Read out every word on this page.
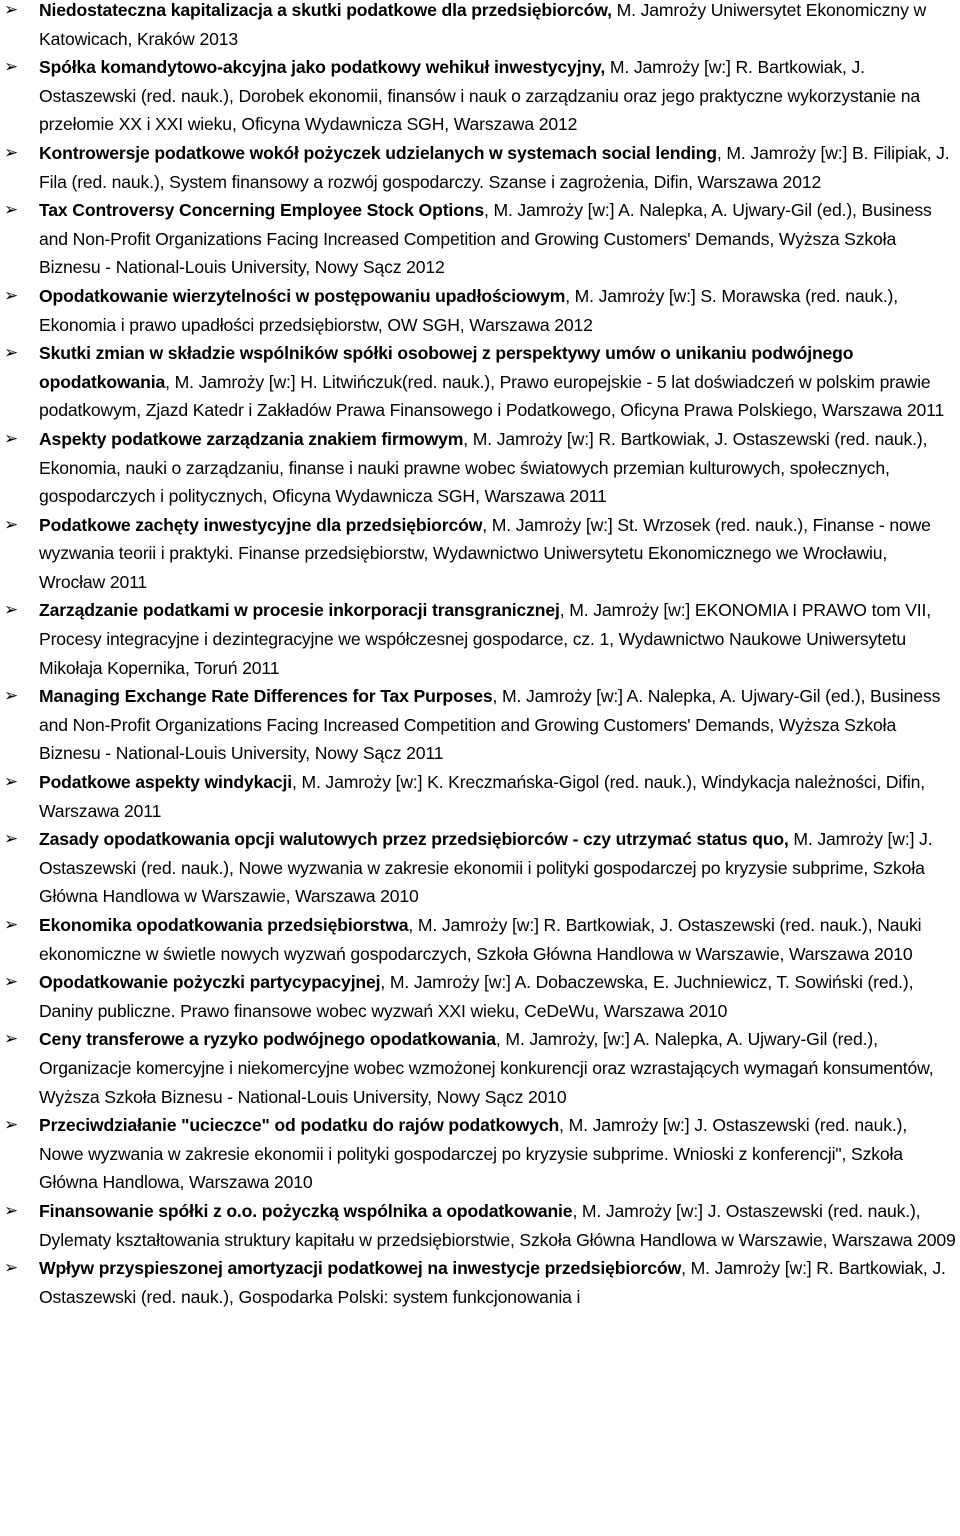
➢	Niedostateczna kapitalizacja a skutki podatkowe dla przedsiębiorców, M. Jamroży Uniwersytet Ekonomiczny w Katowicach, Kraków 2013
➢	Spółka komandytowo-akcyjna jako podatkowy wehikuł inwestycyjny, M. Jamroży [w:] R. Bartkowiak, J. Ostaszewski (red. nauk.), Dorobek ekonomii, finansów i nauk o zarządzaniu oraz jego praktyczne wykorzystanie na przełomie XX i XXI wieku, Oficyna Wydawnicza SGH, Warszawa 2012
➢	Kontrowersje podatkowe wokół pożyczek udzielanych w systemach social lending, M. Jamroży [w:] B. Filipiak, J. Fila (red. nauk.), System finansowy a rozwój gospodarczy. Szanse i zagrożenia, Difin, Warszawa 2012
➢	Tax Controversy Concerning Employee Stock Options, M. Jamroży [w:] A. Nalepka, A. Ujwary-Gil (ed.), Business and Non-Profit Organizations Facing Increased Competition and Growing Customers' Demands, Wyższa Szkoła Biznesu - National-Louis University, Nowy Sącz 2012
➢	Opodatkowanie wierzytelności w postępowaniu upadłościowym, M. Jamroży [w:] S. Morawska (red. nauk.), Ekonomia i prawo upadłości przedsiębiorstw, OW SGH, Warszawa 2012
➢	Skutki zmian w składzie wspólników spółki osobowej z perspektywy umów o unikaniu podwójnego opodatkowania, M. Jamroży [w:] H. Litwińczuk(red. nauk.), Prawo europejskie - 5 lat doświadczeń w polskim prawie podatkowym, Zjazd Katedr i Zakładów Prawa Finansowego i Podatkowego, Oficyna Prawa Polskiego, Warszawa 2011
➢	Aspekty podatkowe zarządzania znakiem firmowym, M. Jamroży [w:] R. Bartkowiak, J. Ostaszewski (red. nauk.), Ekonomia, nauki o zarządzaniu, finanse i nauki prawne wobec światowych przemian kulturowych, społecznych, gospodarczych i politycznych, Oficyna Wydawnicza SGH, Warszawa 2011
➢	Podatkowe zachęty inwestycyjne dla przedsiębiorców, M. Jamroży [w:] St. Wrzosek (red. nauk.), Finanse - nowe wyzwania teorii i praktyki. Finanse przedsiębiorstw, Wydawnictwo Uniwersytetu Ekonomicznego we Wrocławiu, Wrocław 2011
➢	Zarządzanie podatkami w procesie inkorporacji transgranicznej, M. Jamroży [w:] EKONOMIA I PRAWO tom VII, Procesy integracyjne i dezintegracyjne we współczesnej gospodarce, cz. 1, Wydawnictwo Naukowe Uniwersytetu Mikołaja Kopernika, Toruń 2011
➢	Managing Exchange Rate Differences for Tax Purposes, M. Jamroży [w:] A. Nalepka, A. Ujwary-Gil (ed.), Business and Non-Profit Organizations Facing Increased Competition and Growing Customers' Demands, Wyższa Szkoła Biznesu - National-Louis University, Nowy Sącz 2011
➢	Podatkowe aspekty windykacji, M. Jamroży [w:] K. Kreczmańska-Gigol (red. nauk.), Windykacja należności, Difin, Warszawa 2011
➢	Zasady opodatkowania opcji walutowych przez przedsiębiorców - czy utrzymać status quo, M. Jamroży [w:] J. Ostaszewski (red. nauk.), Nowe wyzwania w zakresie ekonomii i polityki gospodarczej po kryzysie subprime, Szkoła Główna Handlowa w Warszawie, Warszawa 2010
➢	Ekonomika opodatkowania przedsiębiorstwa, M. Jamroży [w:] R. Bartkowiak, J. Ostaszewski (red. nauk.), Nauki ekonomiczne w świetle nowych wyzwań gospodarczych, Szkoła Główna Handlowa w Warszawie, Warszawa 2010
➢	Opodatkowanie pożyczki partycypacyjnej, M. Jamroży [w:] A. Dobaczewska, E. Juchniewicz, T. Sowiński (red.), Daniny publiczne. Prawo finansowe wobec wyzwań XXI wieku, CeDeWu, Warszawa 2010
➢	Ceny transferowe a ryzyko podwójnego opodatkowania, M. Jamroży, [w:] A. Nalepka, A. Ujwary-Gil (red.), Organizacje komercyjne i niekomercyjne wobec wzmożonej konkurencji oraz wzrastających wymagań konsumentów, Wyższa Szkoła Biznesu - National-Louis University, Nowy Sącz 2010
➢	Przeciwdziałanie "ucieczce" od podatku do rajów podatkowych, M. Jamroży [w:] J. Ostaszewski (red. nauk.), Nowe wyzwania w zakresie ekonomii i polityki gospodarczej po kryzysie subprime. Wnioski z konferencji", Szkoła Główna Handlowa, Warszawa 2010
➢	Finansowanie spółki z o.o. pożyczką wspólnika a opodatkowanie, M. Jamroży [w:] J. Ostaszewski (red. nauk.), Dylematy kształtowania struktury kapitału w przedsiębiorstwie, Szkoła Główna Handlowa w Warszawie, Warszawa 2009
➢	Wpływ przyspieszonej amortyzacji podatkowej na inwestycje przedsiębiorców, M. Jamroży [w:] R. Bartkowiak, J. Ostaszewski (red. nauk.), Gospodarka Polski: system funkcjonowania i
